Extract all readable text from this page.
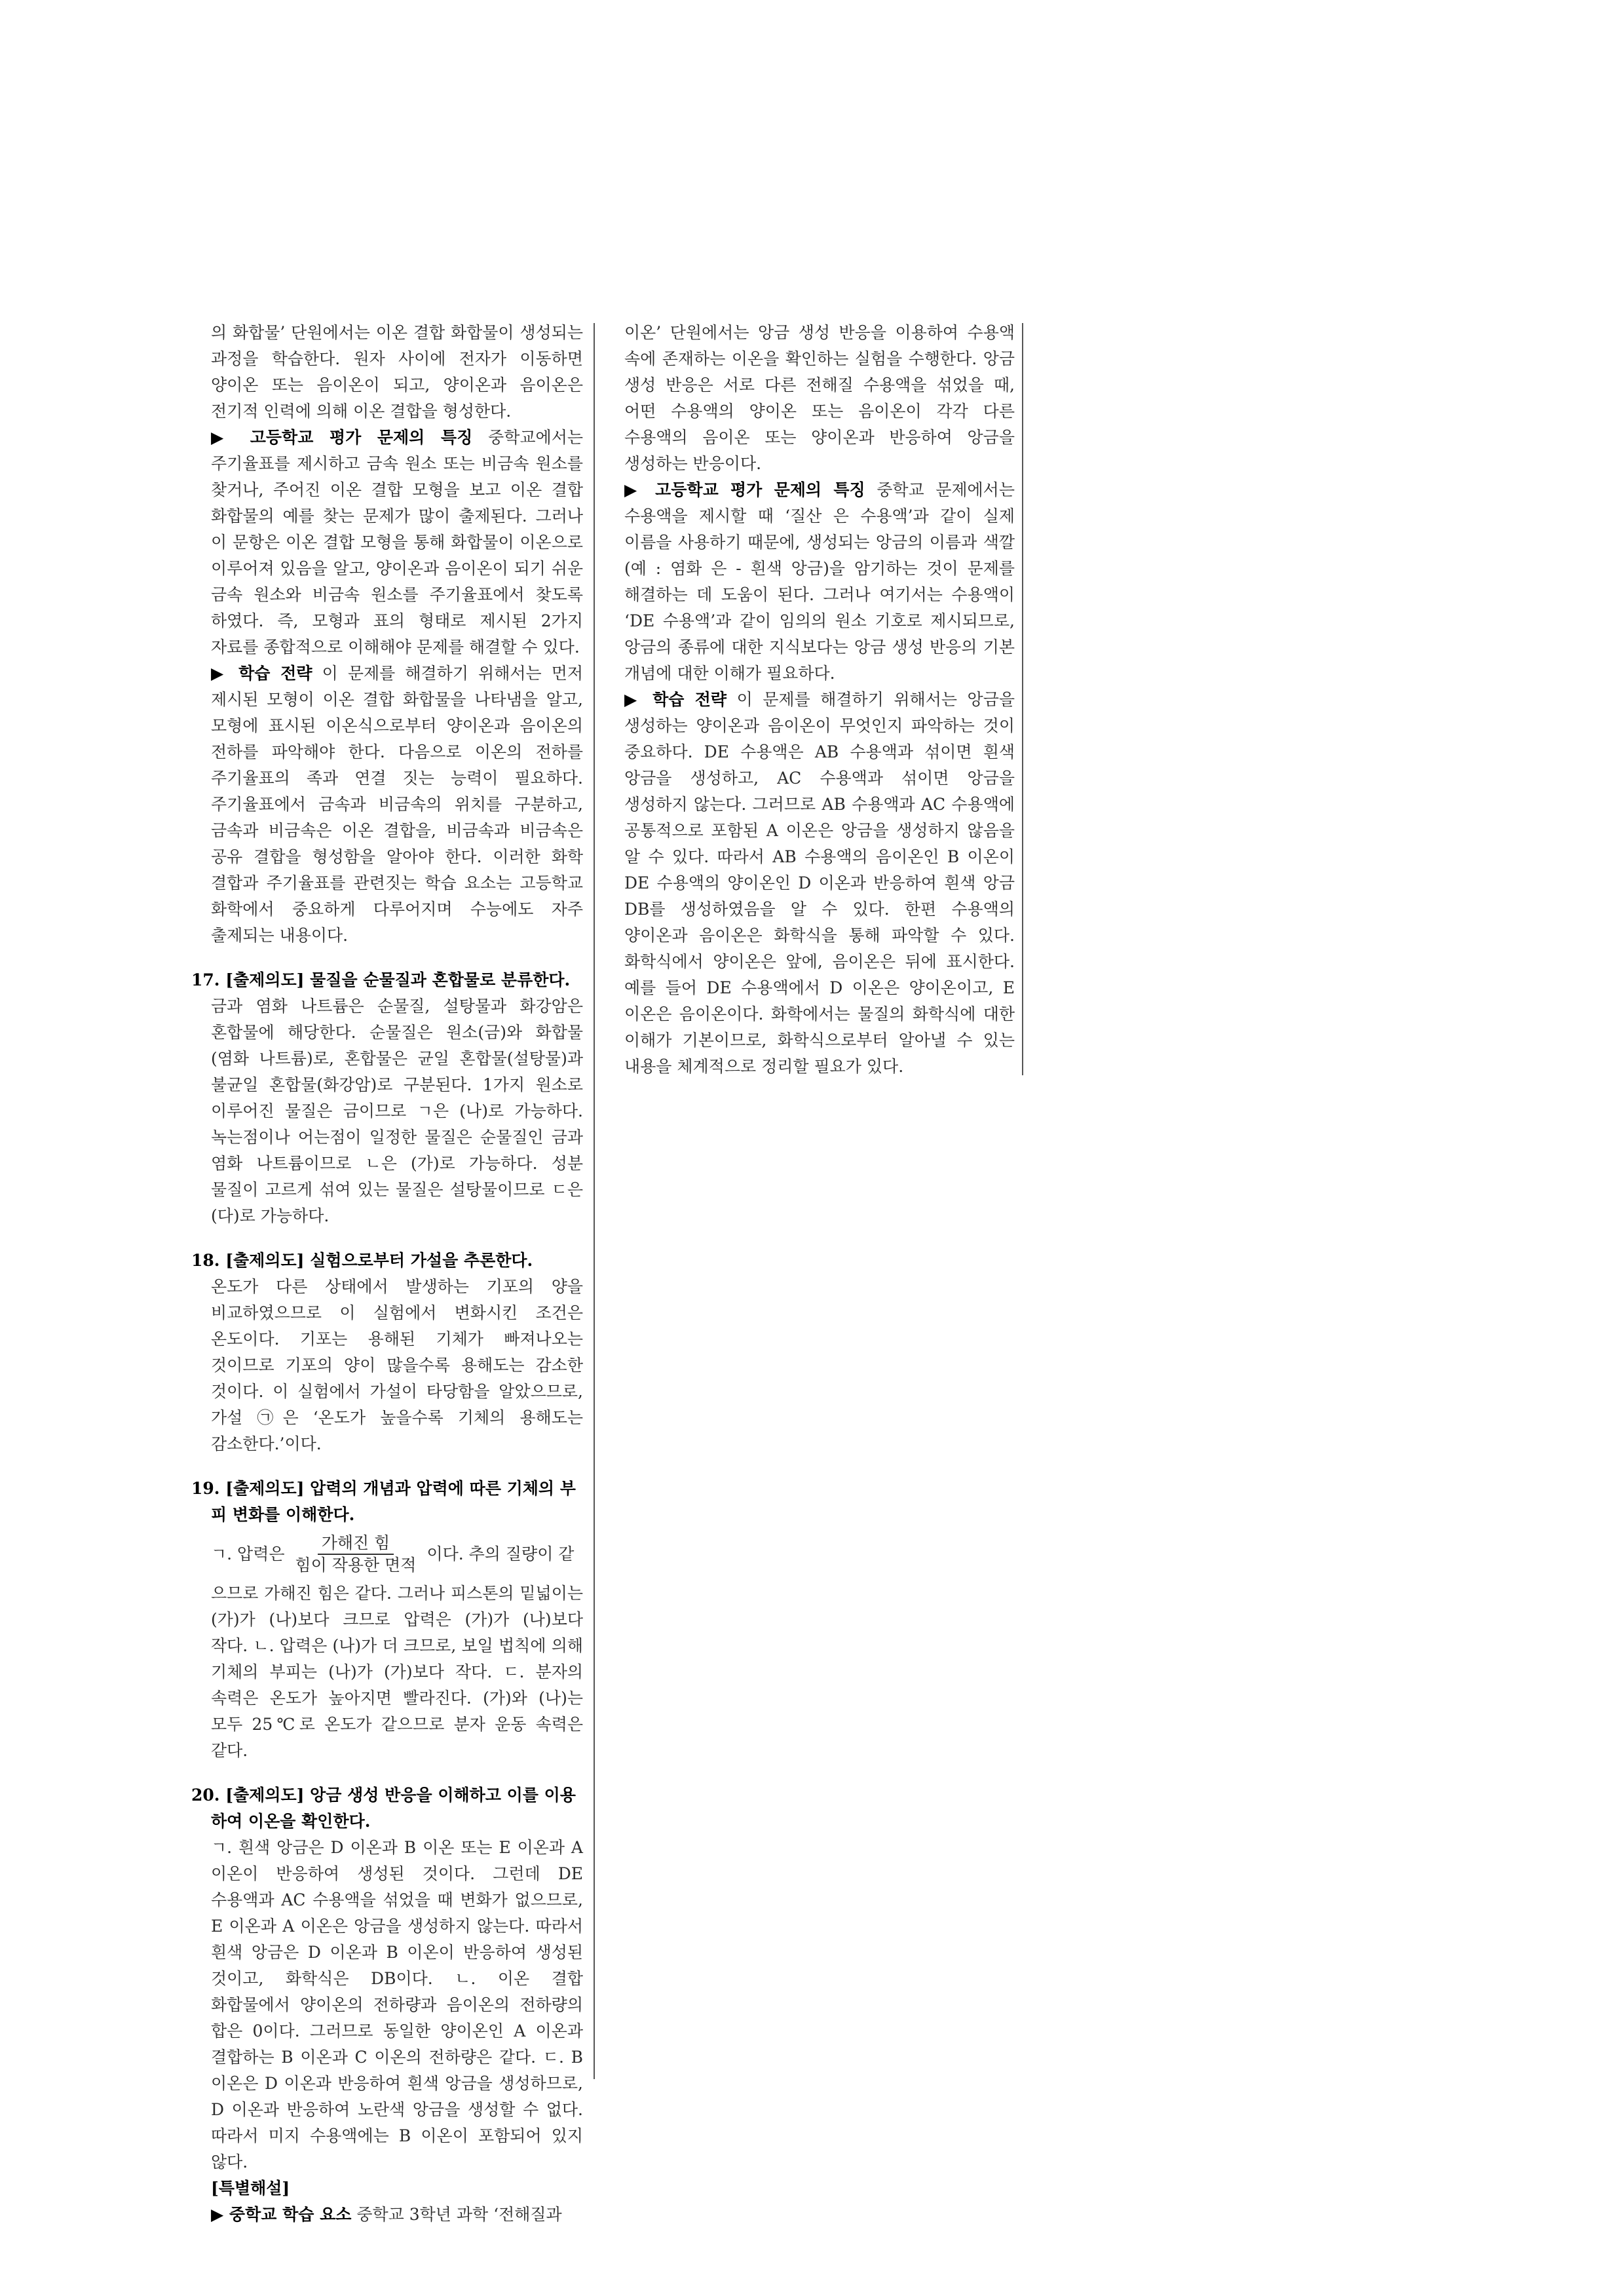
의 화합물’ 단원에서는 이온 결합 화합물이 생성되는 과정을 학습한다. 원자 사이에 전자가 이동하면 양이온 또는 음이온이 되고, 양이온과 음이온은 전기적 인력에 의해 이온 결합을 형성한다.

▶ 고등학교 평가 문제의 특징 중학교에서는 주기율표를 제시하고 금속 원소 또는 비금속 원소를 찾거나, 주어진 이온 결합 모형을 보고 이온 결합 화합물의 예를 찾는 문제가 많이 출제된다. 그러나 이 문항은 이온 결합 모형을 통해 화합물이 이온으로 이루어져 있음을 알고, 양이온과 음이온이 되기 쉬운 금속 원소와 비금속 원소를 주기율표에서 찾도록 하였다. 즉, 모형과 표의 형태로 제시된 2가지 자료를 종합적으로 이해해야 문제를 해결할 수 있다.

▶ 학습 전략 이 문제를 해결하기 위해서는 먼저 제시된 모형이 이온 결합 화합물을 나타냄을 알고, 모형에 표시된 이온식으로부터 양이온과 음이온의 전하를 파악해야 한다. 다음으로 이온의 전하를 주기율표의 족과 연결 짓는 능력이 필요하다. 주기율표에서 금속과 비금속의 위치를 구분하고, 금속과 비금속은 이온 결합을, 비금속과 비금속은 공유 결합을 형성함을 알아야 한다. 이러한 화학 결합과 주기율표를 관련짓는 학습 요소는 고등학교 화학에서 중요하게 다루어지며 수능에도 자주 출제되는 내용이다.

17. [출제의도] 물질을 순물질과 혼합물로 분류한다.

금과 염화 나트륨은 순물질, 설탕물과 화강암은 혼합물에 해당한다. 순물질은 원소(금)와 화합물(염화 나트륨)로, 혼합물은 균일 혼합물(설탕물)과 불균일 혼합물(화강암)로 구분된다. 1가지 원소로 이루어진 물질은 금이므로 ㄱ은 (나)로 가능하다. 녹는점이나 어는점이 일정한 물질은 순물질인 금과 염화 나트륨이므로 ㄴ은 (가)로 가능하다. 성분 물질이 고르게 섞여 있는 물질은 설탕물이므로 ㄷ은 (다)로 가능하다.

18. [출제의도] 실험으로부터 가설을 추론한다.

온도가 다른 상태에서 발생하는 기포의 양을 비교하였으므로 이 실험에서 변화시킨 조건은 온도이다. 기포는 용해된 기체가 빠져나오는 것이므로 기포의 양이 많을수록 용해도는 감소한 것이다. 이 실험에서 가설이 타당함을 알았으므로, 가설 ㉠은 ‘온도가 높을수록 기체의 용해도는 감소한다.’이다.

19. [출제의도] 압력의 개념과 압력에 따른 기체의 부
피 변화를 이해한다.

ㄱ. 압력은 $\frac{\text{가해진 힘}}{\text{힘이 작용한 면적}}$ 이다. 추의 질량이 같

으므로 가해진 힘은 같다. 그러나 피스톤의 밑넓이는 (가)가 (나)보다 크므로 압력은 (가)가 (나)보다 작다. ㄴ. 압력은 (나)가 더 크므로, 보일 법칙에 의해 기체의 부피는 (나)가 (가)보다 작다. ㄷ. 분자의 속력은 온도가 높아지면 빨라진다. (가)와 (나)는 모두 25℃로 온도가 같으므로 분자 운동 속력은 같다.

20. [출제의도] 앙금 생성 반응을 이해하고 이를 이용
하여 이온을 확인한다.

ㄱ. 흰색 앙금은 D 이온과 B 이온 또는 E 이온과 A 이온이 반응하여 생성된 것이다. 그런데 DE 수용액과 AC 수용액을 섞었을 때 변화가 없으므로, E 이온과 A 이온은 앙금을 생성하지 않는다. 따라서 흰색 앙금은 D 이온과 B 이온이 반응하여 생성된 것이고, 화학식은 DB이다. ㄴ. 이온 결합 화합물에서 양이온의 전하량과 음이온의 전하량의 합은 0이다. 그러므로 동일한 양이온인 A 이온과 결합하는 B 이온과 C 이온의 전하량은 같다. ㄷ. B 이온은 D 이온과 반응하여 흰색 앙금을 생성하므로, D 이온과 반응하여 노란색 앙금을 생성할 수 없다. 따라서 미지 수용액에는 B 이온이 포함되어 있지 않다.

[특별해설]

▶ 중학교 학습 요소 중학교 3학년 과학 ‘전해질과

이온’ 단원에서는 앙금 생성 반응을 이용하여 수용액 속에 존재하는 이온을 확인하는 실험을 수행한다. 앙금 생성 반응은 서로 다른 전해질 수용액을 섞었을 때, 어떤 수용액의 양이온 또는 음이온이 각각 다른 수용액의 음이온 또는 양이온과 반응하여 앙금을 생성하는 반응이다.

▶ 고등학교 평가 문제의 특징 중학교 문제에서는 수용액을 제시할 때 ‘질산 은 수용액’과 같이 실제 이름을 사용하기 때문에, 생성되는 앙금의 이름과 색깔(예 : 염화 은 - 흰색 앙금)을 암기하는 것이 문제를 해결하는 데 도움이 된다. 그러나 여기서는 수용액이 ‘DE 수용액’과 같이 임의의 원소 기호로 제시되므로, 앙금의 종류에 대한 지식보다는 앙금 생성 반응의 기본 개념에 대한 이해가 필요하다.

▶ 학습 전략 이 문제를 해결하기 위해서는 앙금을 생성하는 양이온과 음이온이 무엇인지 파악하는 것이 중요하다. DE 수용액은 AB 수용액과 섞이면 흰색 앙금을 생성하고, AC 수용액과 섞이면 앙금을 생성하지 않는다. 그러므로 AB 수용액과 AC 수용액에 공통적으로 포함된 A 이온은 앙금을 생성하지 않음을 알 수 있다. 따라서 AB 수용액의 음이온인 B 이온이 DE 수용액의 양이온인 D 이온과 반응하여 흰색 앙금 DB를 생성하였음을 알 수 있다. 한편 수용액의 양이온과 음이온은 화학식을 통해 파악할 수 있다. 화학식에서 양이온은 앞에, 음이온은 뒤에 표시한다. 예를 들어 DE 수용액에서 D 이온은 양이온이고, E 이온은 음이온이다. 화학에서는 물질의 화학식에 대한 이해가 기본이므로, 화학식으로부터 알아낼 수 있는 내용을 체계적으로 정리할 필요가 있다.
